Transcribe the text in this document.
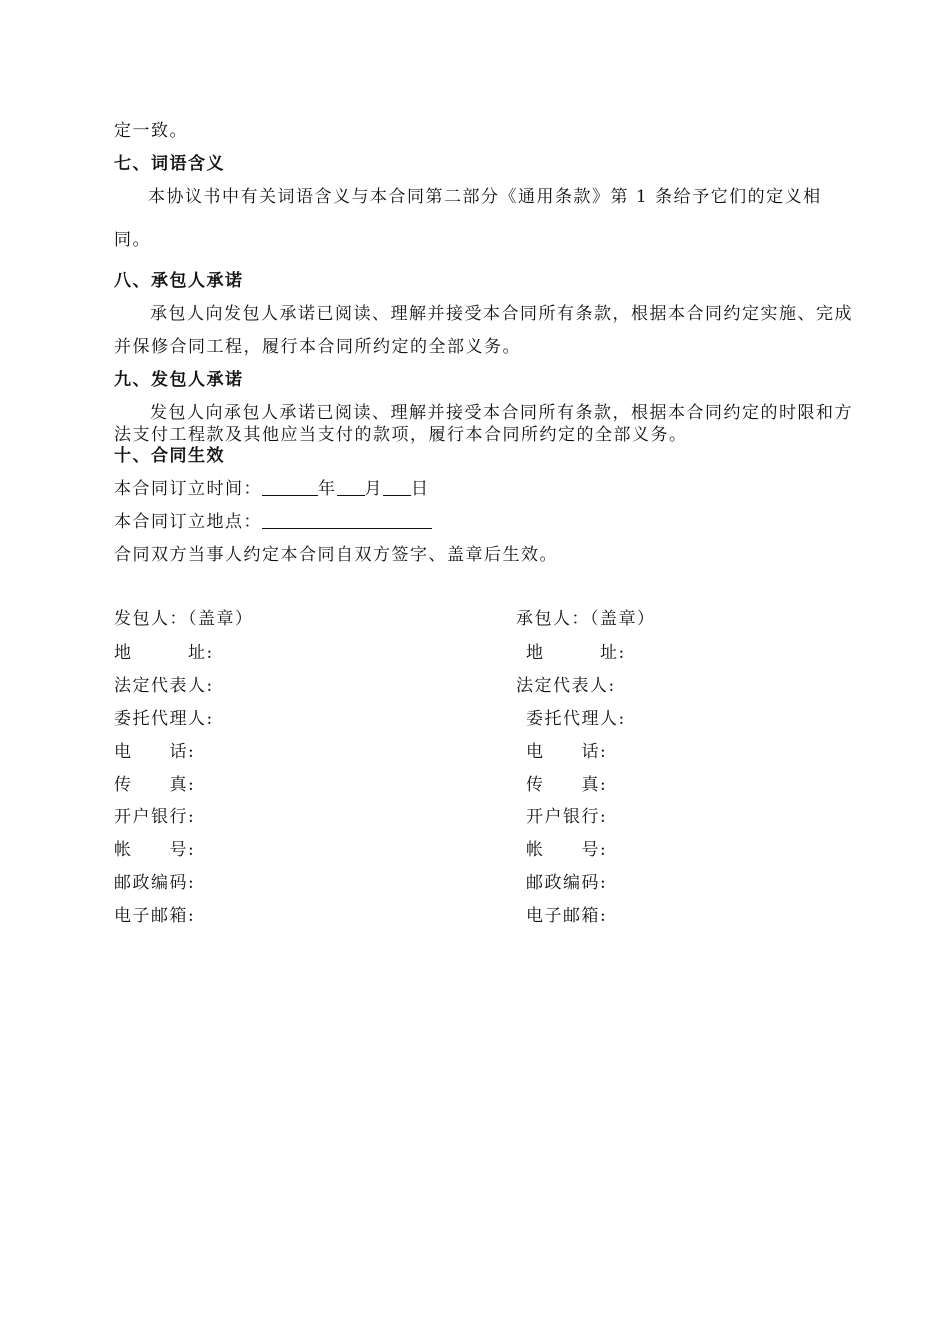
定一致。
七、词语含义
本协议书中有关词语含义与本合同第二部分《通用条款》第 1 条给予它们的定义相
同。
八、承包人承诺
承包人向发包人承诺已阅读、理解并接受本合同所有条款，根据本合同约定实施、完成
并保修合同工程，履行本合同所约定的全部义务。
九、发包人承诺
发包人向承包人承诺已阅读、理解并接受本合同所有条款，根据本合同约定的时限和方
法支付工程款及其他应当支付的款项，履行本合同所约定的全部义务。
十、合同生效
本合同订立时间：	年 月 日
本合同订立地点：
合同双方当事人约定本合同自双方签字、盖章后生效。
发包人：（盖章）	承包人：（盖章）
地　　　址:
法定代表人:
委托代理人:
电　　话:
传　　真:
开户银行:
帐　　号:
邮政编码:
电子邮箱:
地　　　址:
法定代表人:
委托代理人:
电　　话:
传　　真:
开户银行:
帐　　号:
邮政编码:
电子邮箱:
